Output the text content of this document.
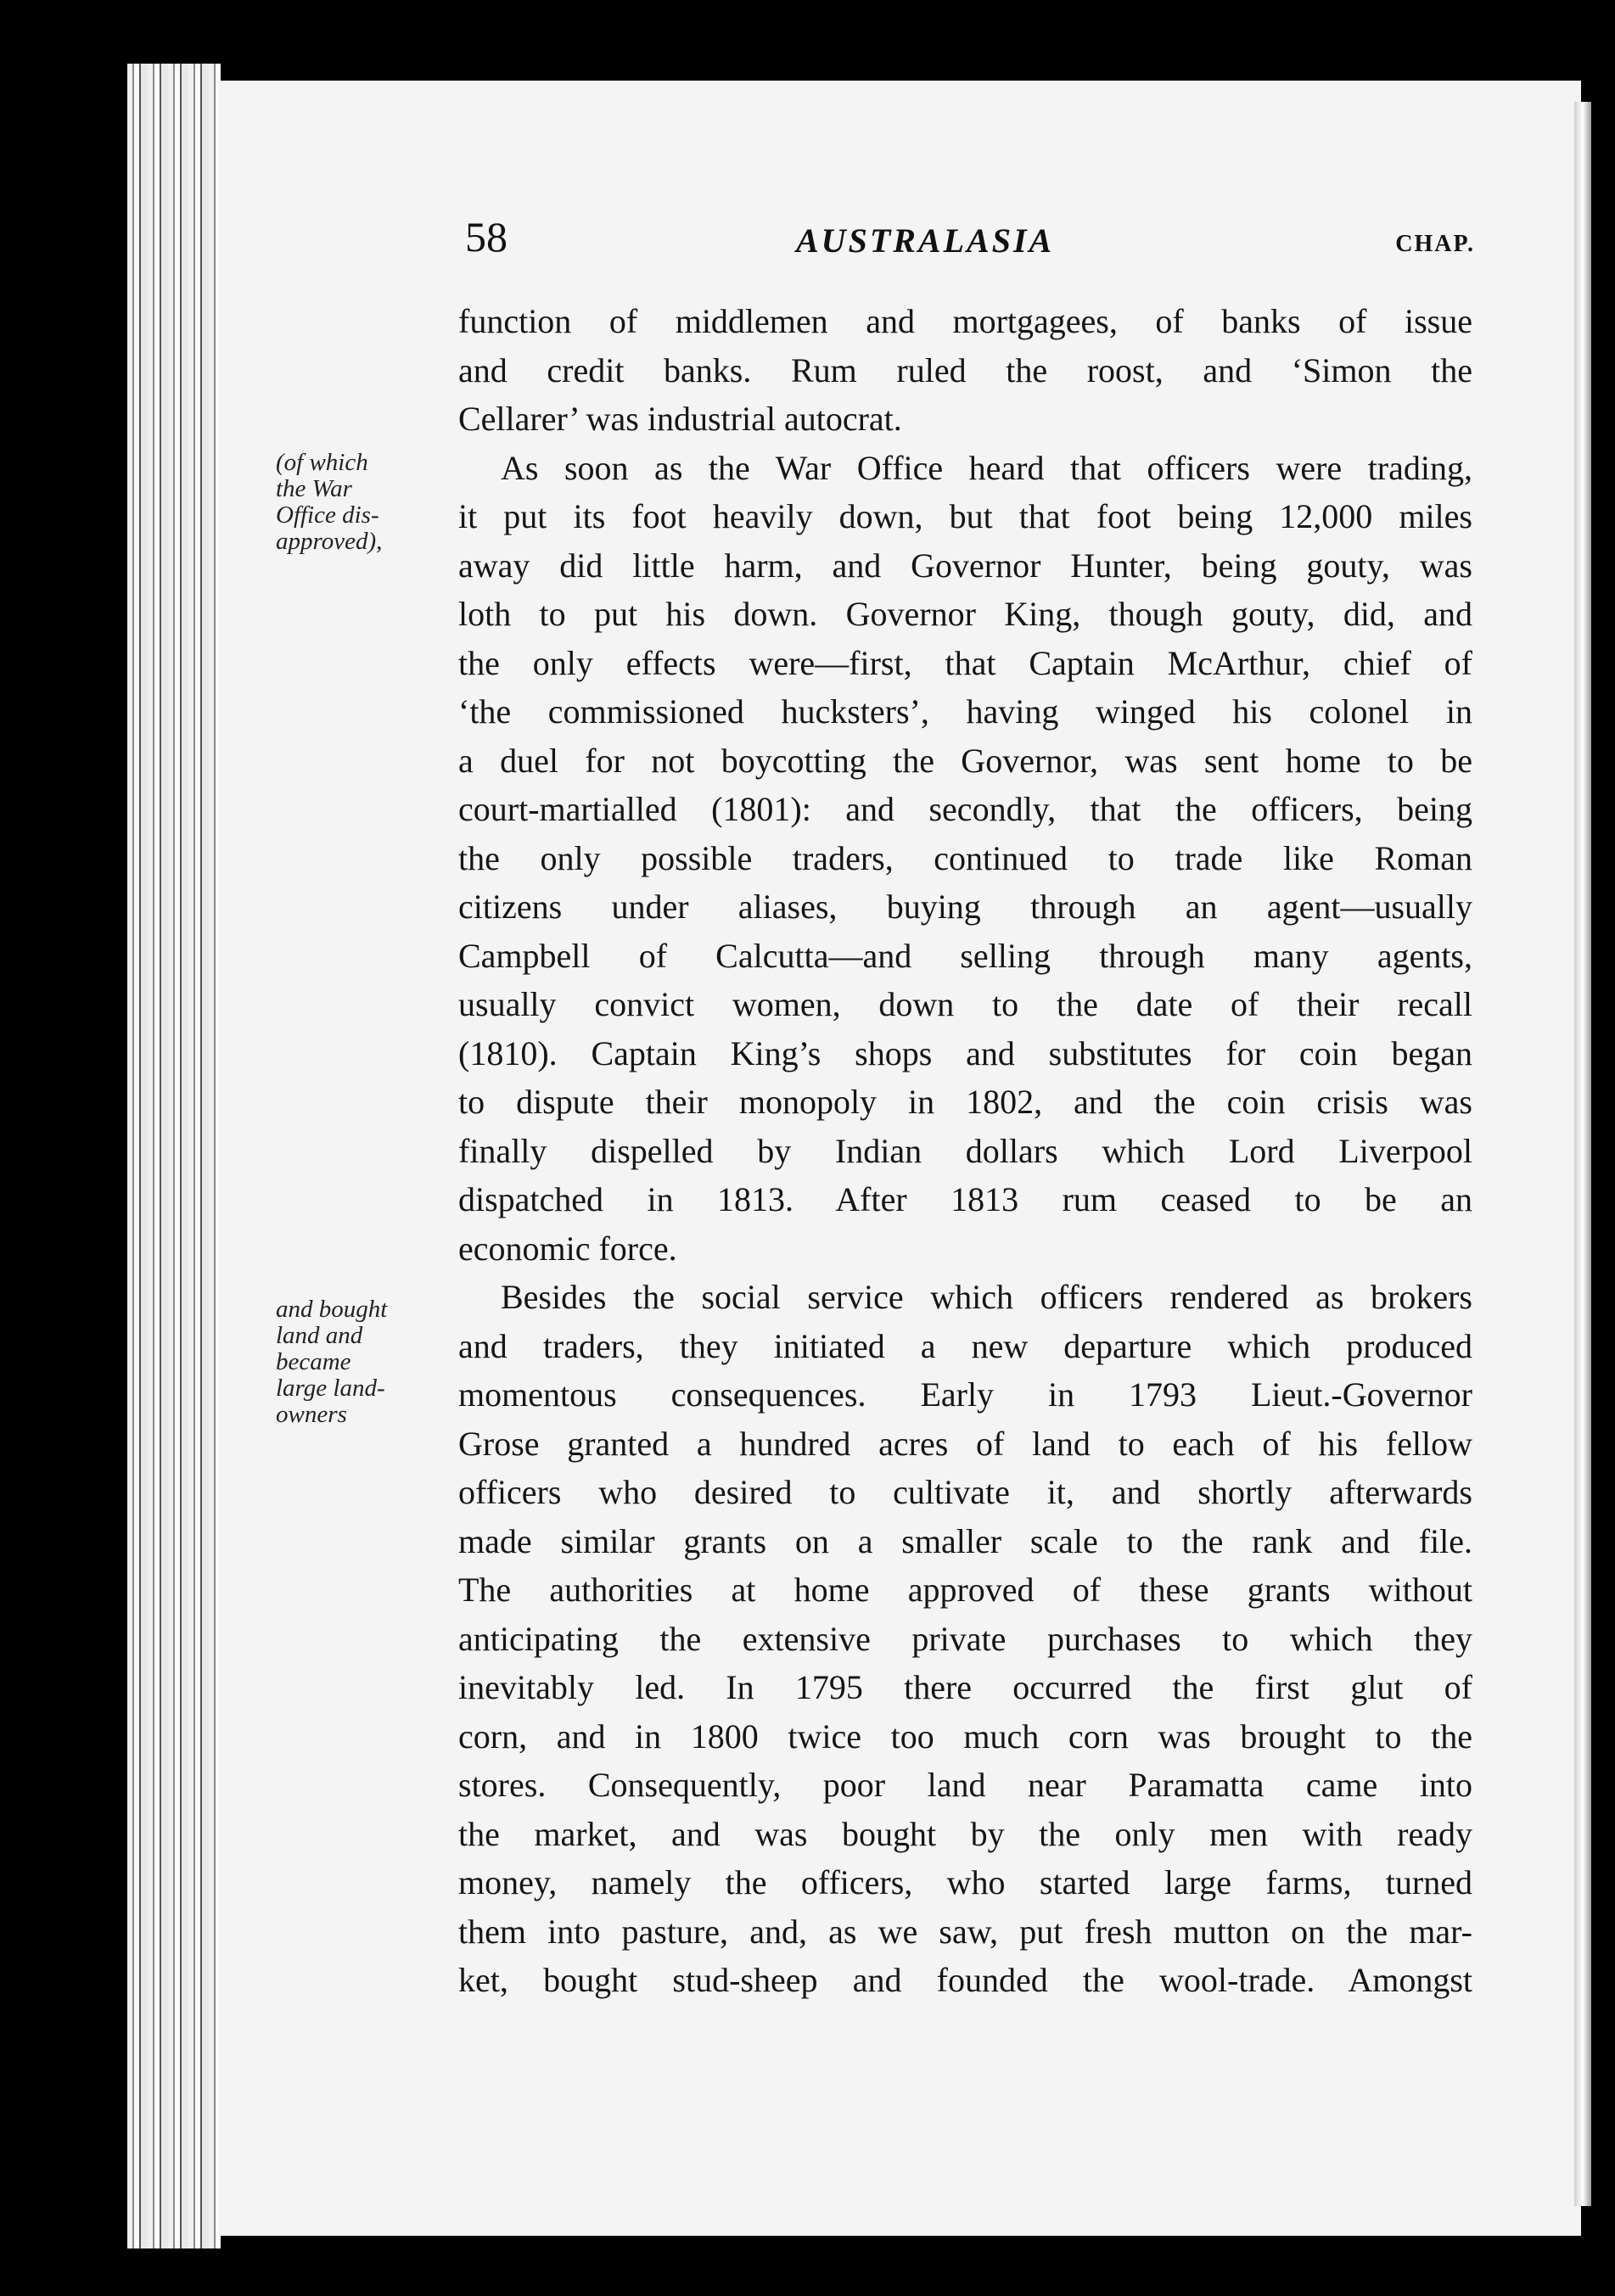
58	AUSTRALASIA	CHAP.
(of which
the War
Office dis-
approved),
and bought
land and
became
large land-
owners
function of middlemen and mortgagees, of banks of issue
and credit banks. Rum ruled the roost, and ‘Simon the
Cellarer’ was industrial autocrat.
As soon as the War Office heard that officers were trading,
it put its foot heavily down, but that foot being 12,000 miles
away did little harm, and Governor Hunter, being gouty, was
loth to put his down. Governor King, though gouty, did, and
the only effects were—first, that Captain McArthur, chief of
‘the commissioned hucksters’, having winged his colonel in
a duel for not boycotting the Governor, was sent home to be
court-martialled (1801): and secondly, that the officers, being
the only possible traders, continued to trade like Roman
citizens under aliases, buying through an agent—usually
Campbell of Calcutta—and selling through many agents,
usually convict women, down to the date of their recall
(1810). Captain King’s shops and substitutes for coin began
to dispute their monopoly in 1802, and the coin crisis was
finally dispelled by Indian dollars which Lord Liverpool
dispatched in 1813. After 1813 rum ceased to be an
economic force.
Besides the social service which officers rendered as brokers
and traders, they initiated a new departure which produced
momentous consequences. Early in 1793 Lieut.-Governor
Grose granted a hundred acres of land to each of his fellow
officers who desired to cultivate it, and shortly afterwards
made similar grants on a smaller scale to the rank and file.
The authorities at home approved of these grants without
anticipating the extensive private purchases to which they
inevitably led. In 1795 there occurred the first glut of
corn, and in 1800 twice too much corn was brought to the
stores. Consequently, poor land near Paramatta came into
the market, and was bought by the only men with ready
money, namely the officers, who started large farms, turned
them into pasture, and, as we saw, put fresh mutton on the mar-
ket, bought stud-sheep and founded the wool-trade. Amongst
